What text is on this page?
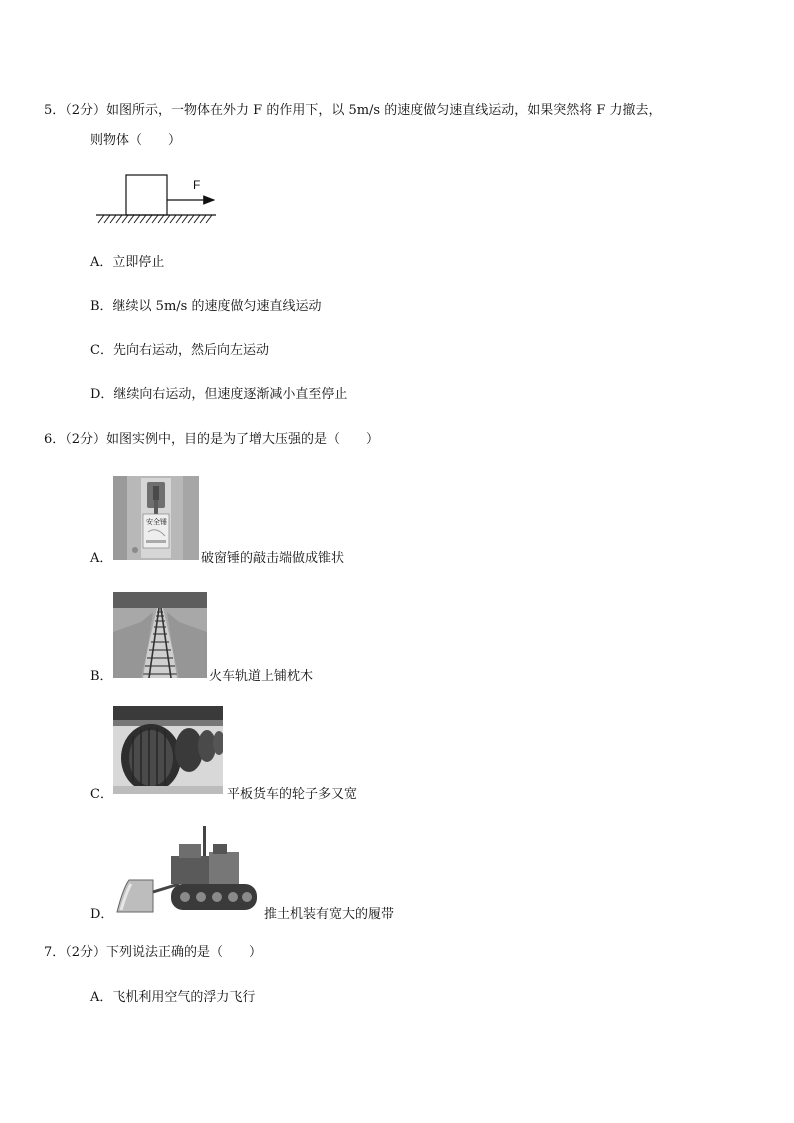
5．（2分）如图所示，一物体在外力 F 的作用下，以 5m/s 的速度做匀速直线运动，如果突然将 F 力撤去，
则物体（　　）
F
A．立即停止
B．继续以 5m/s 的速度做匀速直线运动
C．先向右运动，然后向左运动
D．继续向右运动，但速度逐渐减小直至停止
6．（2分）如图实例中，目的是为了增大压强的是（　　）
A．
安全锤
破窗锤的敲击端做成锥状
B．	火车轨道上铺枕木
C．	平板货车的轮子多又宽
D．	推土机装有宽大的履带
7．（2分）下列说法正确的是（　　）
A．飞机利用空气的浮力飞行
